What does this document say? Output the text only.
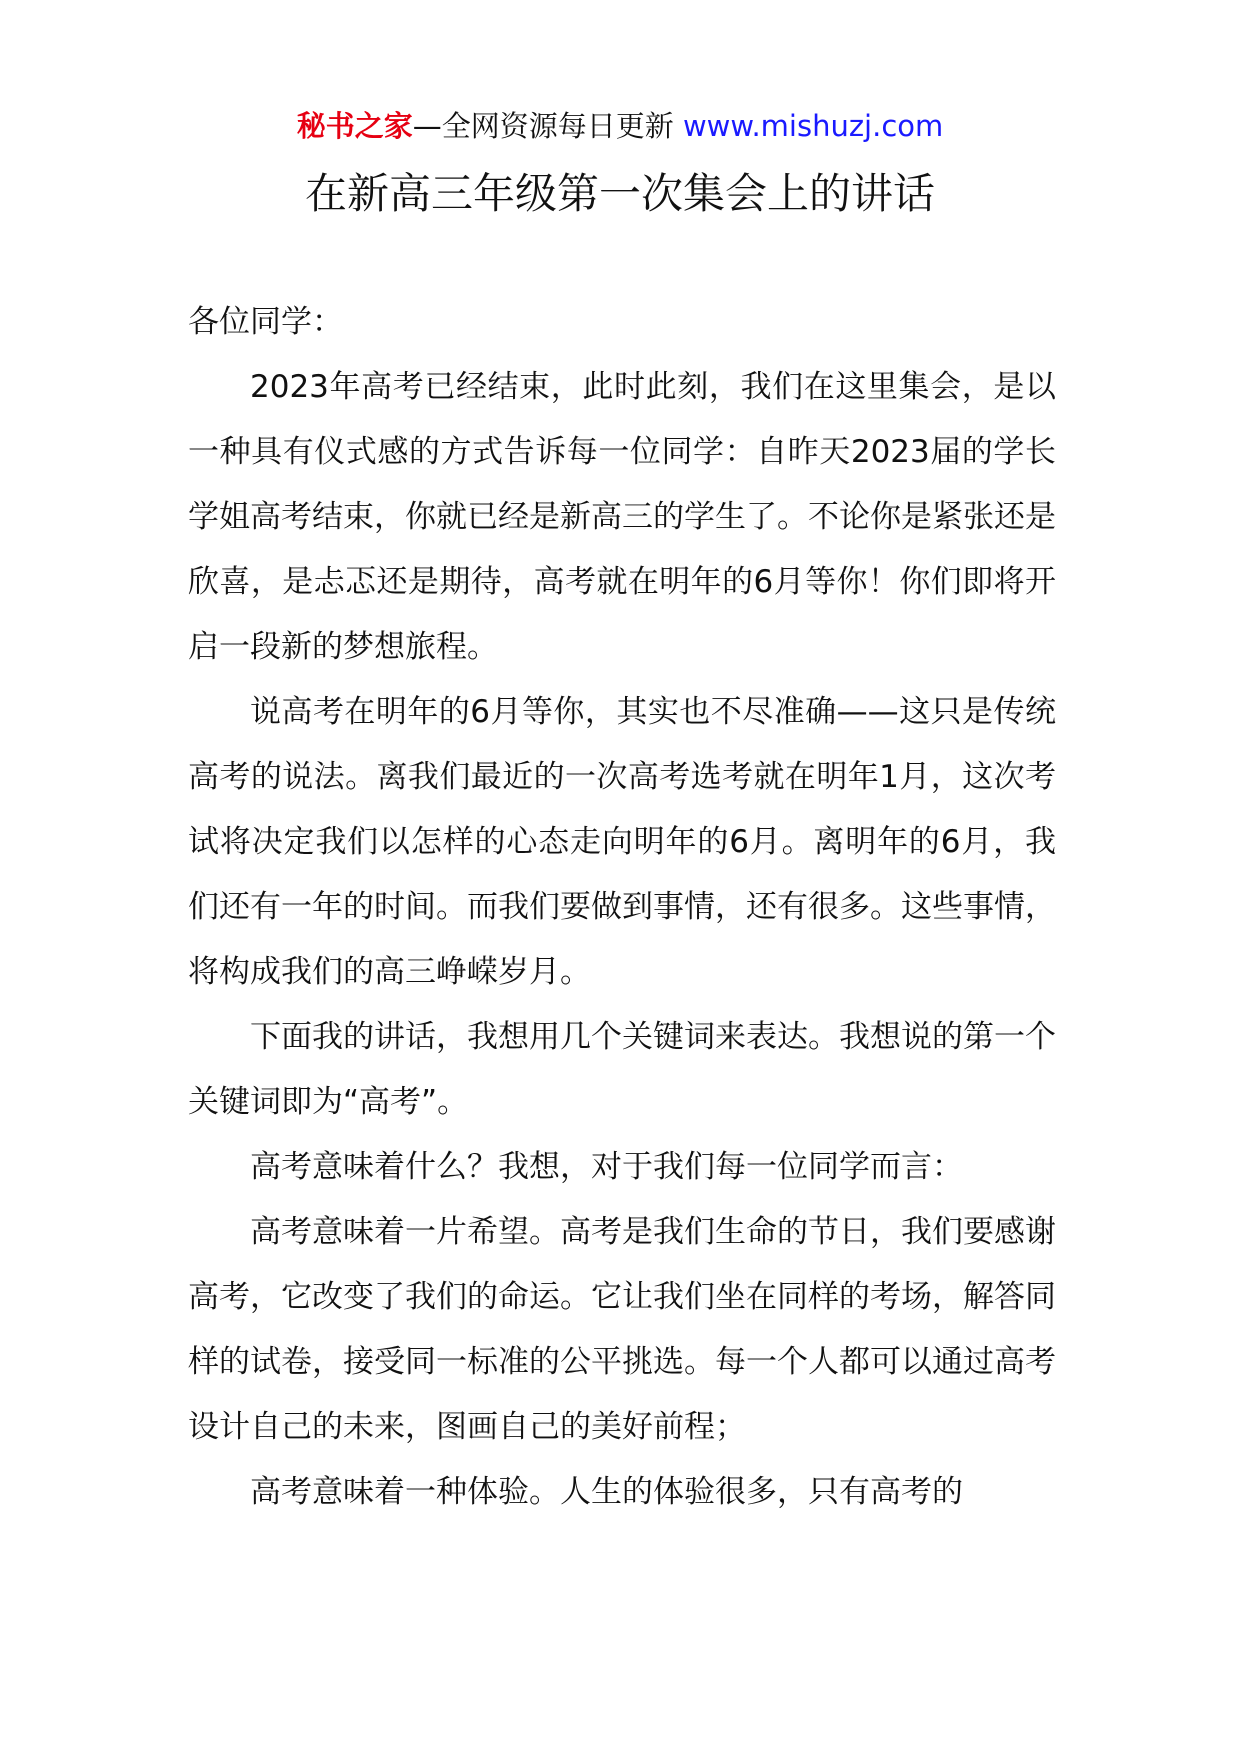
秘书之家—全网资源每日更新 www.mishuzj.com
在新高三年级第一次集会上的讲话

各位同学：

2023年高考已经结束，此时此刻，我们在这里集会，是以一种具有仪式感的方式告诉每一位同学：自昨天2023届的学长学姐高考结束，你就已经是新高三的学生了。不论你是紧张还是欣喜，是忐忑还是期待，高考就在明年的6月等你！你们即将开启一段新的梦想旅程。

说高考在明年的6月等你，其实也不尽准确——这只是传统高考的说法。离我们最近的一次高考选考就在明年1月，这次考试将决定我们以怎样的心态走向明年的6月。离明年的6月，我们还有一年的时间。而我们要做到事情，还有很多。这些事情，将构成我们的高三峥嵘岁月。

下面我的讲话，我想用几个关键词来表达。我想说的第一个关键词即为“高考”。

高考意味着什么？我想，对于我们每一位同学而言：

高考意味着一片希望。高考是我们生命的节日，我们要感谢高考，它改变了我们的命运。它让我们坐在同样的考场，解答同样的试卷，接受同一标准的公平挑选。每一个人都可以通过高考设计自己的未来，图画自己的美好前程；

高考意味着一种体验。人生的体验很多，只有高考的
